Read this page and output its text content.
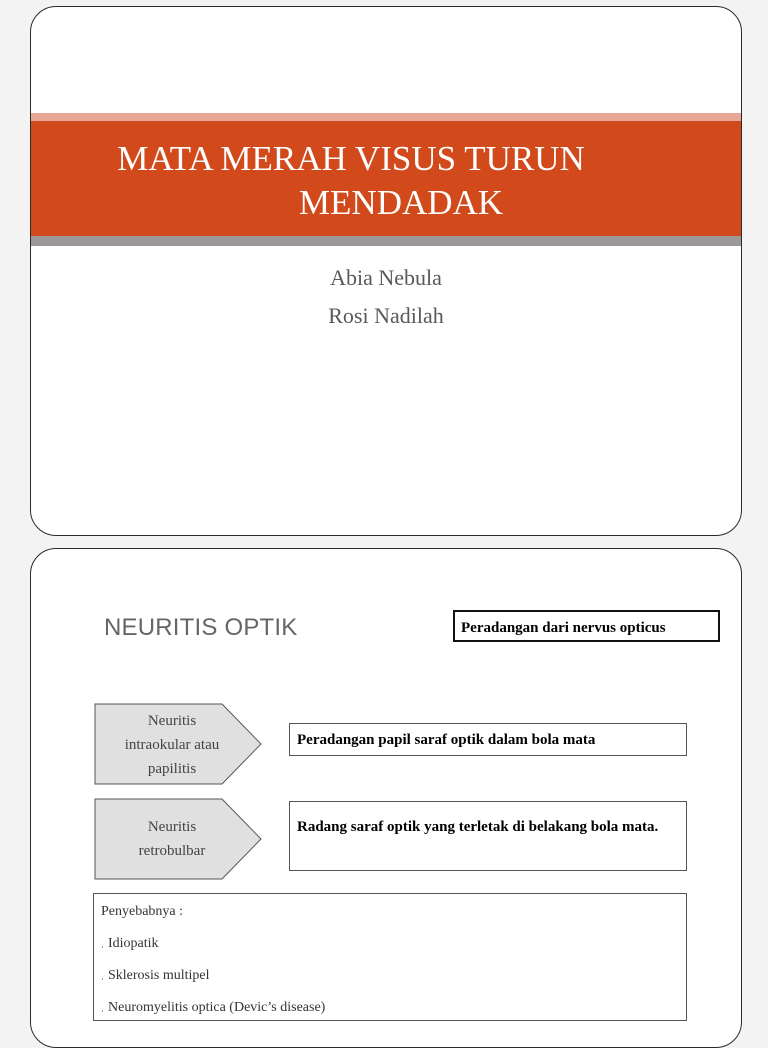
MATA MERAH VISUS TURUN
MENDADAK
Abia Nebula
Rosi Nadilah
NEURITIS OPTIK	Peradangan dari nervus opticus
Neuritis
intraokular atau
papilitis
Peradangan papil saraf optik dalam bola mata
Neuritis
retrobulbar
Radang saraf optik yang terletak di belakang bola mata.
Penyebabnya :
· Idiopatik
· Sklerosis multipel
· Neuromyelitis optica (Devic’s disease)
